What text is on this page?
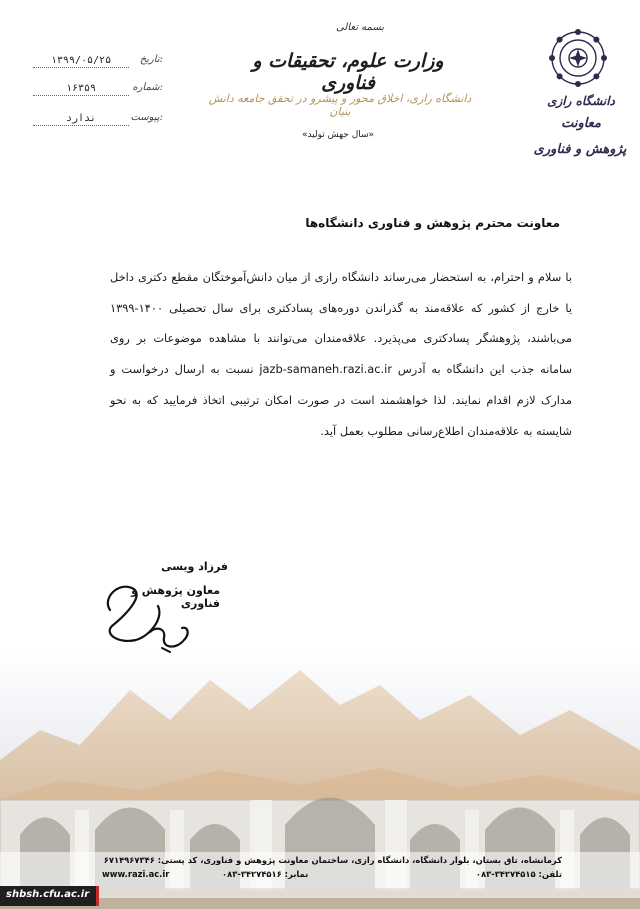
بسمه تعالی
وزارت علوم، تحقیقات و فناوری
دانشگاه رازی، اخلاق محور و پیشرو در تحقق جامعه دانش بنیان
«سال جهش تولید»
۱۳۹۹/۰۵/۲۵	تاریخ:
۱۶۳۵۹	شماره:
ندارد	پیوست:
دانشگاه رازی
معاونت
پژوهش و فناوری
معاونت محترم پژوهش و فناوری دانشگاه‌ها

با سلام و احترام، به استحضار می‌رساند دانشگاه رازی از میان دانش‌آموختگان مقطع دکتری داخل یا خارج از کشور که علاقه‌مند به گذراندن دوره‌های پسادکتری برای سال تحصیلی ۱۴۰۰-۱۳۹۹ می‌باشند، پژوهشگر پسادکتری می‌پذیرد. علاقه‌مندان می‌توانند با مشاهده موضوعات بر روی سامانه جذب این دانشگاه به آدرس jazb-samaneh.razi.ac.ir نسبت به ارسال درخواست و مدارک لازم اقدام نمایند. لذا خواهشمند است در صورت امکان ترتیبی اتخاذ فرمایید که به نحو شایسته به علاقه‌مندان اطلاع‌رسانی مطلوب بعمل آید.

فرزاد ویسی
معاون پژوهش و فناوری
کرمانشاه، تاق بستان، بلوار دانشگاه، دانشگاه رازی، ساختمان معاونت پژوهش و فناوری، کد پستی: ۶۷۱۴۹۶۷۳۴۶
تلفن: ۳۴۲۷۴۵۱۵-۰۸۳
نمابر: ۳۴۲۷۴۵۱۶-۰۸۳
www.razi.ac.ir
shbsh.cfu.ac.ir
